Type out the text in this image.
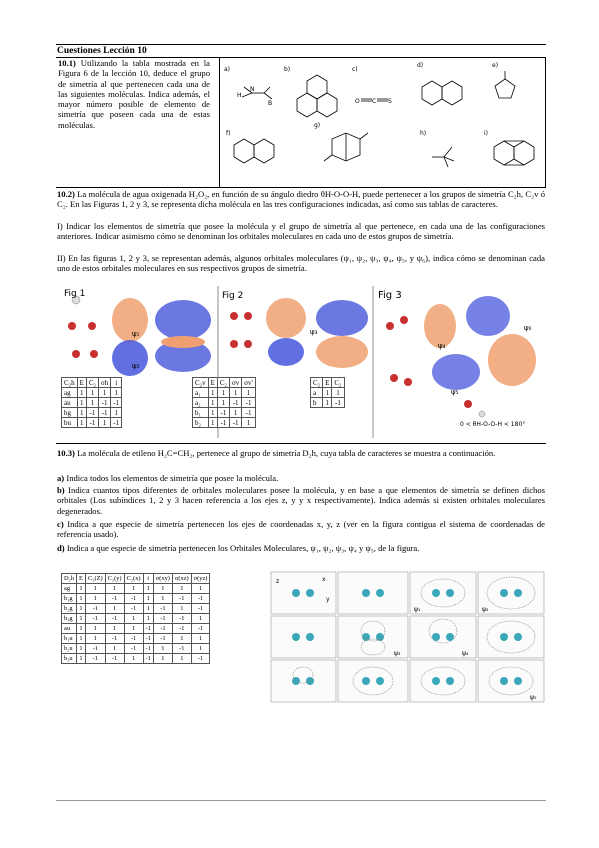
Cuestiones Lección 10
10.1) Utilizando la tabla mostrada en la Figura 6 de la lección 10, deduce el grupo de simetría al que pertenecen cada una de las siguientes moléculas. Indica además, el mayor número posible de elemento de simetría que poseen cada una de estas moléculas.
a)	b)	c)
d)	e)
f)
g)
h)	i)
H
N
B	O C S
10.2) La molécula de agua oxigenada H₂O₂, en función de su ángulo diedro θH-O-O-H, puede pertenecer a los grupos de simetría C₂h, C₂v ó C₂. En las Figuras 1, 2 y 3, se representa dicha molécula en las tres configuraciones indicadas, así como sus tablas de caracteres.
I) Indicar los elementos de simetría que posee la molécula y el grupo de simetría al que pertenece, en cada una de las configuraciones anteriores. Indicar asimismo cómo se denominan los orbitales moleculares en cada uno de estos grupos de simetría.
II) En las figuras 1, 2 y 3, se representan además, algunos orbitales moleculares (ψ₁, ψ₂, ψ₃, ψ₄, ψ₅, y ψ₆), indica cómo se denominan cada uno de estos orbitales moleculares en sus respectivos grupos de simetría.
Fig 1	Fig 2	Fig 3
ψ₁
ψ₂
ψ₃
ψ₄
ψ₅
ψ₆
0 < θH-O-O-H < 180°
C₂h	E	C₂	σh	i
ag	1	1	1	1
au	1	1	-1	-1
bg	1	-1	-1	1
bu	1	-1	1	-1
C₂v	E	C₂	σv	σv'
a₁	1	1	1	1
a₂	1	1	-1	-1
b₁	1	-1	1	-1
b₂	1	-1	-1	1
C₂	E	C₂
a	1	1
b	1	-1
10.3) La molécula de etileno H₂C=CH₂, pertenece al grupo de simetría D₂h, cuya tabla de caracteres se muestra a continuación.
a) Indica todos los elementos de simetría que posee la molécula.
b) Indica cuantos tipos diferentes de orbitales moleculares posee la molécula, y en base a que elementos de simetría se definen dichos orbitales (Los subíndices 1, 2 y 3 hacen referencia a los ejes z, y y x respectivamente). Indica además si existen orbitales moleculares degenerados.
c) Indica a que especie de simetría pertenecen los ejes de coordenadas x, y, z (ver en la figura contigua el sistema de coordenadas de referencia usado).
d) Indica a que especie de simetría pertenecen los Orbitales Moleculares, ψ₁, ψ₂, ψ₃, ψ₄ y ψ₅, de la figura.
D₂h	E	C₂(Z)	C₂(y)	C₂(x)	i	σ(xy)	σ(xz)	σ(yz)
ag	1	1	1	1	1	1	1	1
b₁g	1	1	-1	-1	1	1	-1	-1
b₂g	1	-1	1	-1	1	-1	1	-1
b₃g	1	-1	-1	1	1	-1	-1	1
au	1	1	1	1	-1	-1	-1	-1
b₁u	1	1	-1	-1	-1	-1	1	1
b₂u	1	-1	1	-1	-1	1	-1	1
b₃u	1	-1	-1	1	-1	1	1	-1
x
y
z
ψ₁	ψ₂
ψ₃	ψ₄
ψ₅
